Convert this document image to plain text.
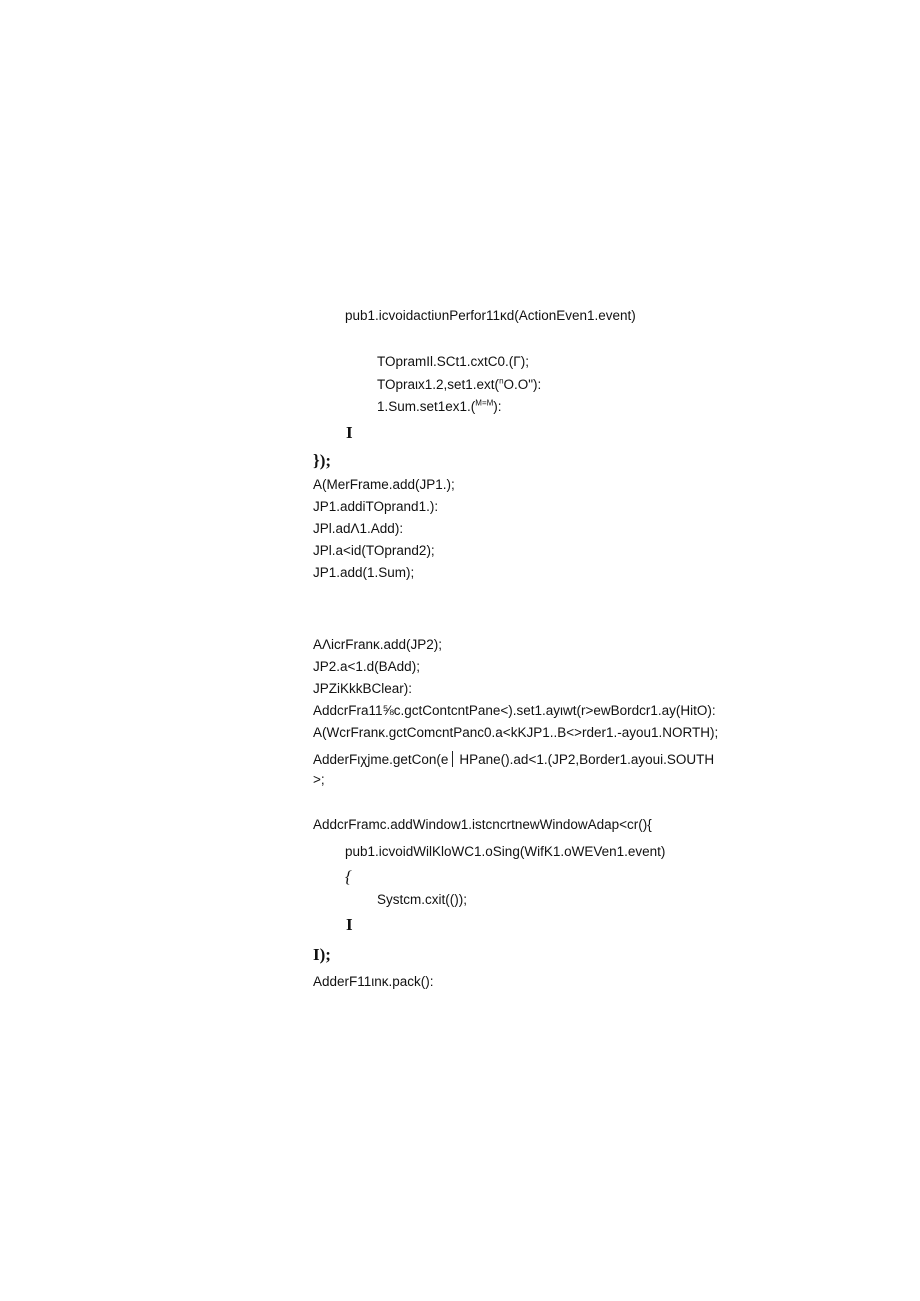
pub1.icvoidactiυnPerfor11κd(ActionEven1.event)
TOpramIl.SCt1.cxtC0.(Γ);
TOpraιx1.2,set1.ext($^n$O.O"):
1.Sum.set1ex1.($^{M=M}$):
I
});
A(MerFrame.add(JP1.);
JP1.addiTOprand1.):
JPl.adΛ1.Add):
JPl.a<id(TOprand2);
JP1.add(1.Sum);
AΛicrFranκ.add(JP2);
JP2.a<1.d(BAdd);
JPZiKkkBClear):
AddcrFra11⅝c.gctContcntPane<).set1.ayιwt(r>ewBordcr1.ay(HitO):
A(WcrFranκ.gctComcntPanc0.a<kKJP1..B<>rder1.-ayou1.NORTH);
AdderFιχjme.getCon(e HPane().ad<1.(JP2,Border1.ayoui.SOUTH
>;
AddcrFramc.addWindow1.istcncrtnewWindowAdap<cr(){
pub1.icvoidWilKloWC1.oSing(WifK1.oWEVen1.event)
{
Systcm.cxit(());
I
I);
AdderF11ιnκ.pack():
